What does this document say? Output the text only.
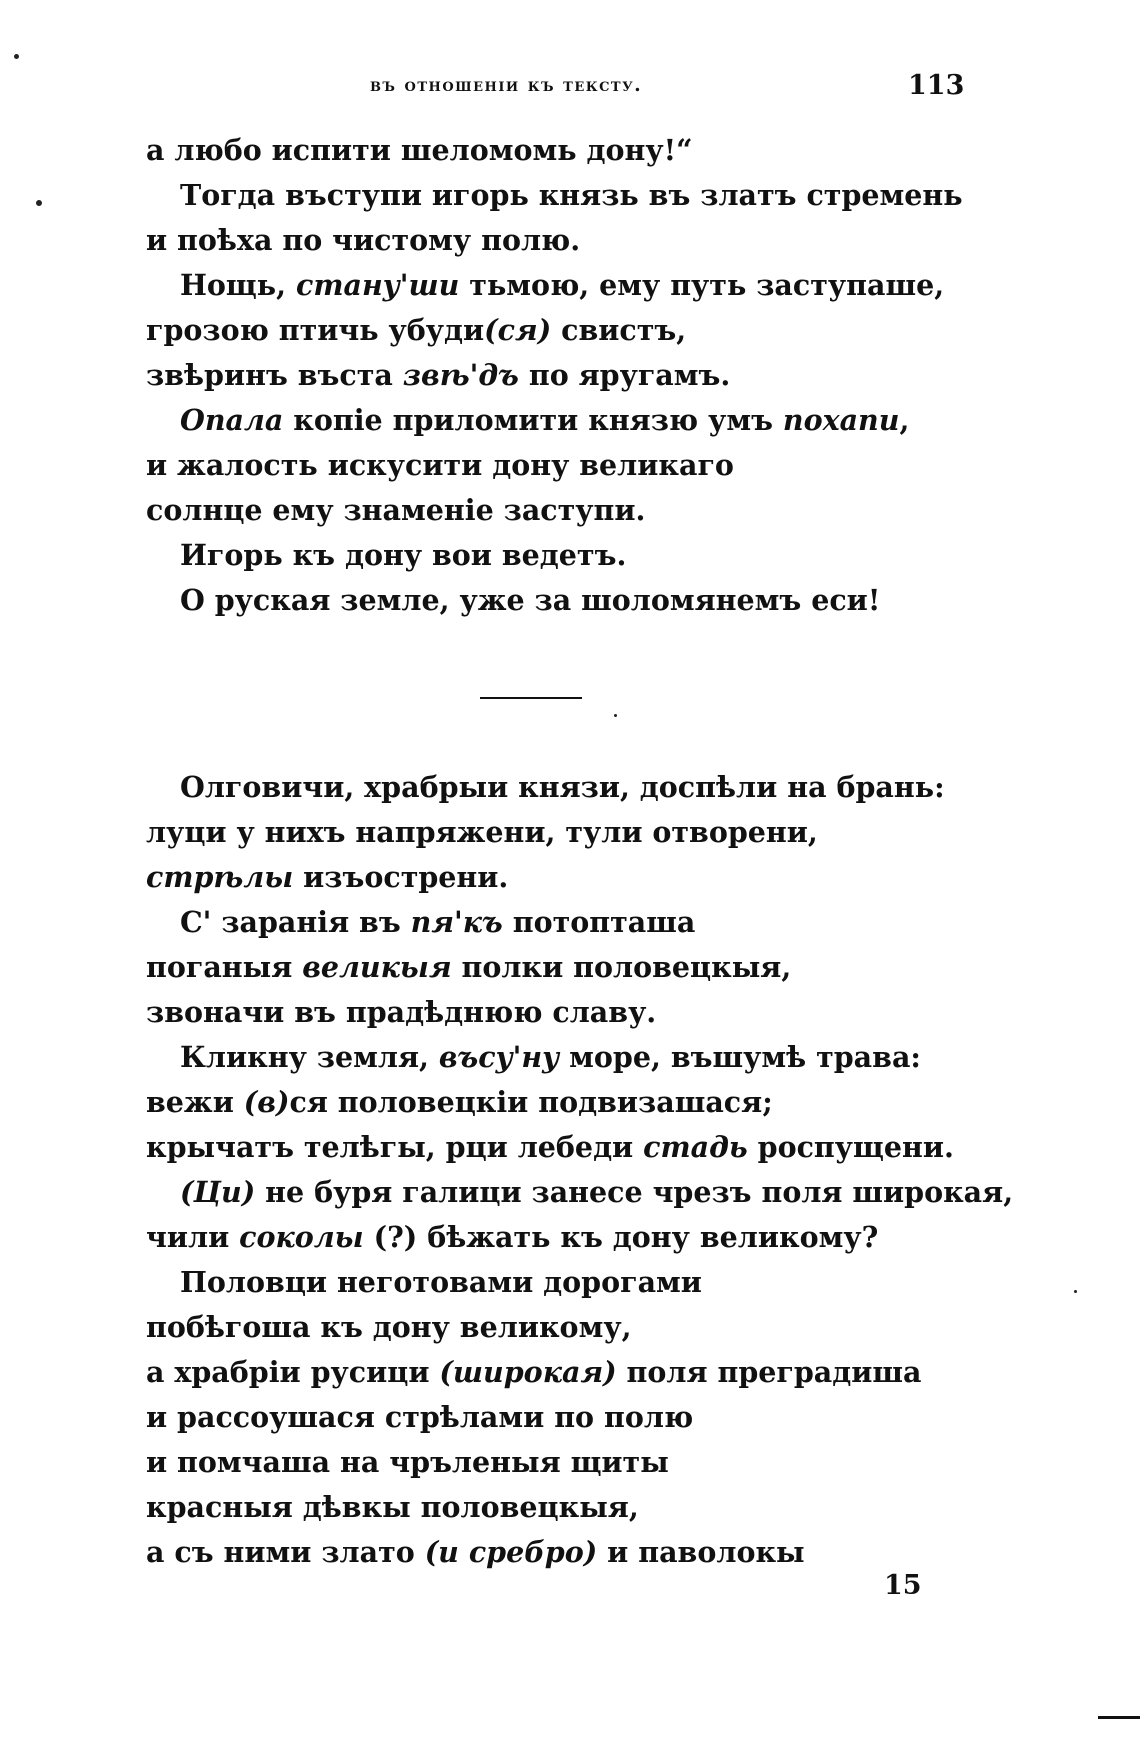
въ отношеніи къ тексту.	113
а любо испити шеломомь дону!“
Тогда въступи игорь князь въ златъ стремень
и поѣха по чистому полю.
Нощь, стану'ши тьмою, ему путь заступаше,
грозою птичь убуди(ся) свистъ,
звѣринъ въста звѣ'дъ по яругамъ.
Опала копіе приломити князю умъ похапи,
и жалость искусити дону великаго
солнце ему знаменіе заступи.
Игорь къ дону вои ведетъ.
О руская земле, уже за шоломянемъ еси!
Олговичи, храбрыи князи, доспѣли на брань:
луци у нихъ напряжени, тули отворени,
стрѣлы изъострени.
С' заранія въ пя'къ потопташа
поганыя великыя полки половецкыя,
звоначи въ прадѣднюю славу.
Кликну земля, въсу'ну море, въшумѣ трава:
вежи (в)ся половецкіи подвизашася;
крычатъ телѣгы, рци лебеди стадь роспущени.
(Ци) не буря галици занесе чрезъ поля широкая,
чили соколы (?) бѣжать къ дону великому?
Половци неготовами дорогами
побѣгоша къ дону великому,
а храбріи русици (широкая) поля преградиша
и рассоушася стрѣлами по полю
и помчаша на чръленыя щиты
красныя дѣвкы половецкыя,
а съ ними злато (и сребро) и паволокы
15
